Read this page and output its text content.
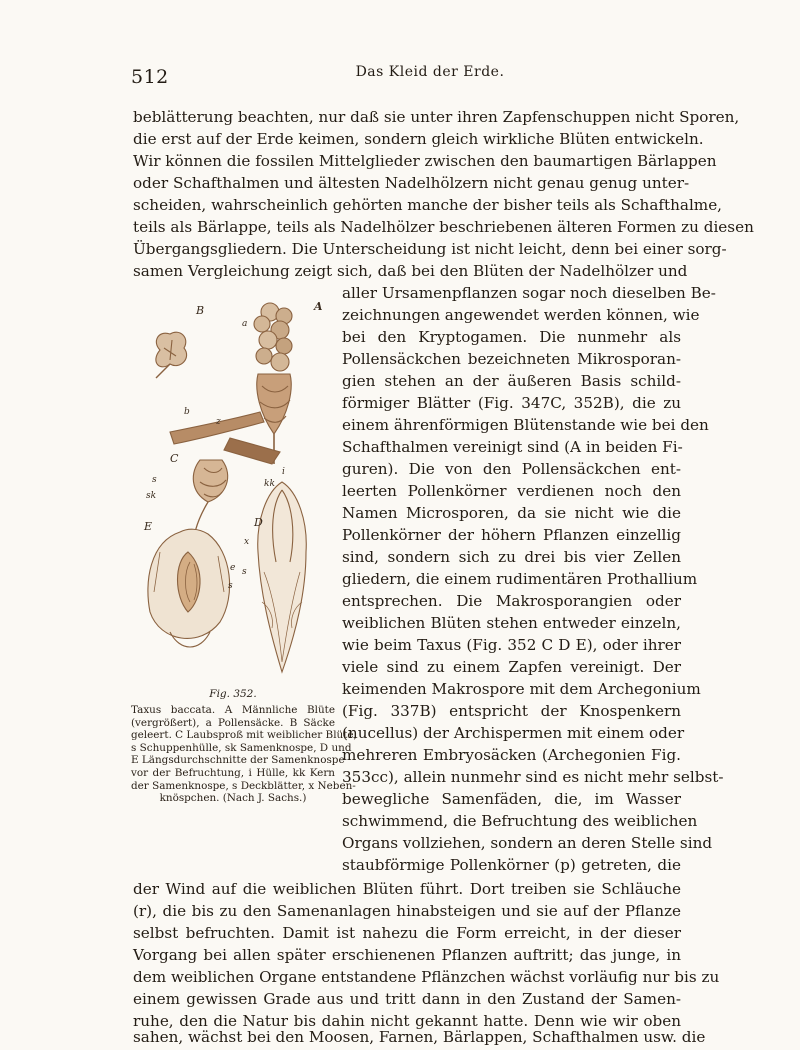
512	Das Kleid der Erde.
beblätterung beachten, nur daß sie unter ihren Zapfenschuppen nicht Sporen,
die erst auf der Erde keimen, sondern gleich wirkliche Blüten entwickeln.
Wir können die fossilen Mittelglieder zwischen den baumartigen Bärlappen
oder Schafthalmen und ältesten Nadelhölzern nicht genau genug unter-
scheiden, wahrscheinlich gehörten manche der bisher teils als Schafthalme,
teils als Bärlappe, teils als Nadelhölzer beschriebenen älteren Formen zu diesen
Übergangsgliedern. Die Unterscheidung ist nicht leicht, denn bei einer sorg-
samen Vergleichung zeigt sich, daß bei den Blüten der Nadelhölzer und
aller Ursamenpflanzen sogar noch dieselben Be-
zeichnungen angewendet werden können, wie
bei den Kryptogamen. Die nunmehr als
Pollensäckchen bezeichneten Mikrosporan-
gien stehen an der äußeren Basis schild-
förmiger Blätter (Fig. 347C, 352B), die zu
einem ährenförmigen Blütenstande wie bei den
Schafthalmen vereinigt sind (A in beiden Fi-
guren). Die von den Pollensäckchen ent-
leerten Pollenkörner verdienen noch den
Namen Microsporen, da sie nicht wie die
Pollenkörner der höhern Pflanzen einzellig
sind, sondern sich zu drei bis vier Zellen
gliedern, die einem rudimentären Prothallium
entsprechen. Die Makrosporangien oder
weiblichen Blüten stehen entweder einzeln,
wie beim Taxus (Fig. 352 C D E), oder ihrer
viele sind zu einem Zapfen vereinigt. Der
keimenden Makrospore mit dem Archegonium
(Fig. 337B) entspricht der Knospenkern
(nucellus) der Archispermen mit einem oder
mehreren Embryosäcken (Archegonien Fig.
353cc), allein nunmehr sind es nicht mehr selbst-
bewegliche Samenfäden, die, im Wasser
schwimmend, die Befruchtung des weiblichen
Organs vollziehen, sondern an deren Stelle sind
staubförmige Pollenkörner (p) getreten, die
der Wind auf die weiblichen Blüten führt. Dort treiben sie Schläuche
(r), die bis zu den Samenanlagen hinabsteigen und sie auf der Pflanze
selbst befruchten. Damit ist nahezu die Form erreicht, in der dieser
Vorgang bei allen später erschienenen Pflanzen auftritt; das junge, in
dem weiblichen Organe entstandene Pflänzchen wächst vorläufig nur bis zu
einem gewissen Grade aus und tritt dann in den Zustand der Samen-
ruhe, den die Natur bis dahin nicht gekannt hatte. Denn wie wir oben
sahen, wächst bei den Moosen, Farnen, Bärlappen, Schafthalmen usw. die
B	A
a
b
z
C
s
sk
E	D
kk
i
x
e
s
s
Fig. 352.
Taxus baccata. A Männliche Blüte
(vergrößert), a Pollensäcke. B Säcke
geleert. C Laubsproß mit weiblicher Blüte,
s Schuppenhülle, sk Samenknospe, D und
E Längsdurchschnitte der Samenknospe
vor der Befruchtung, i Hülle, kk Kern
der Samenknospe, s Deckblätter, x Neben-
knöspchen. (Nach J. Sachs.)
